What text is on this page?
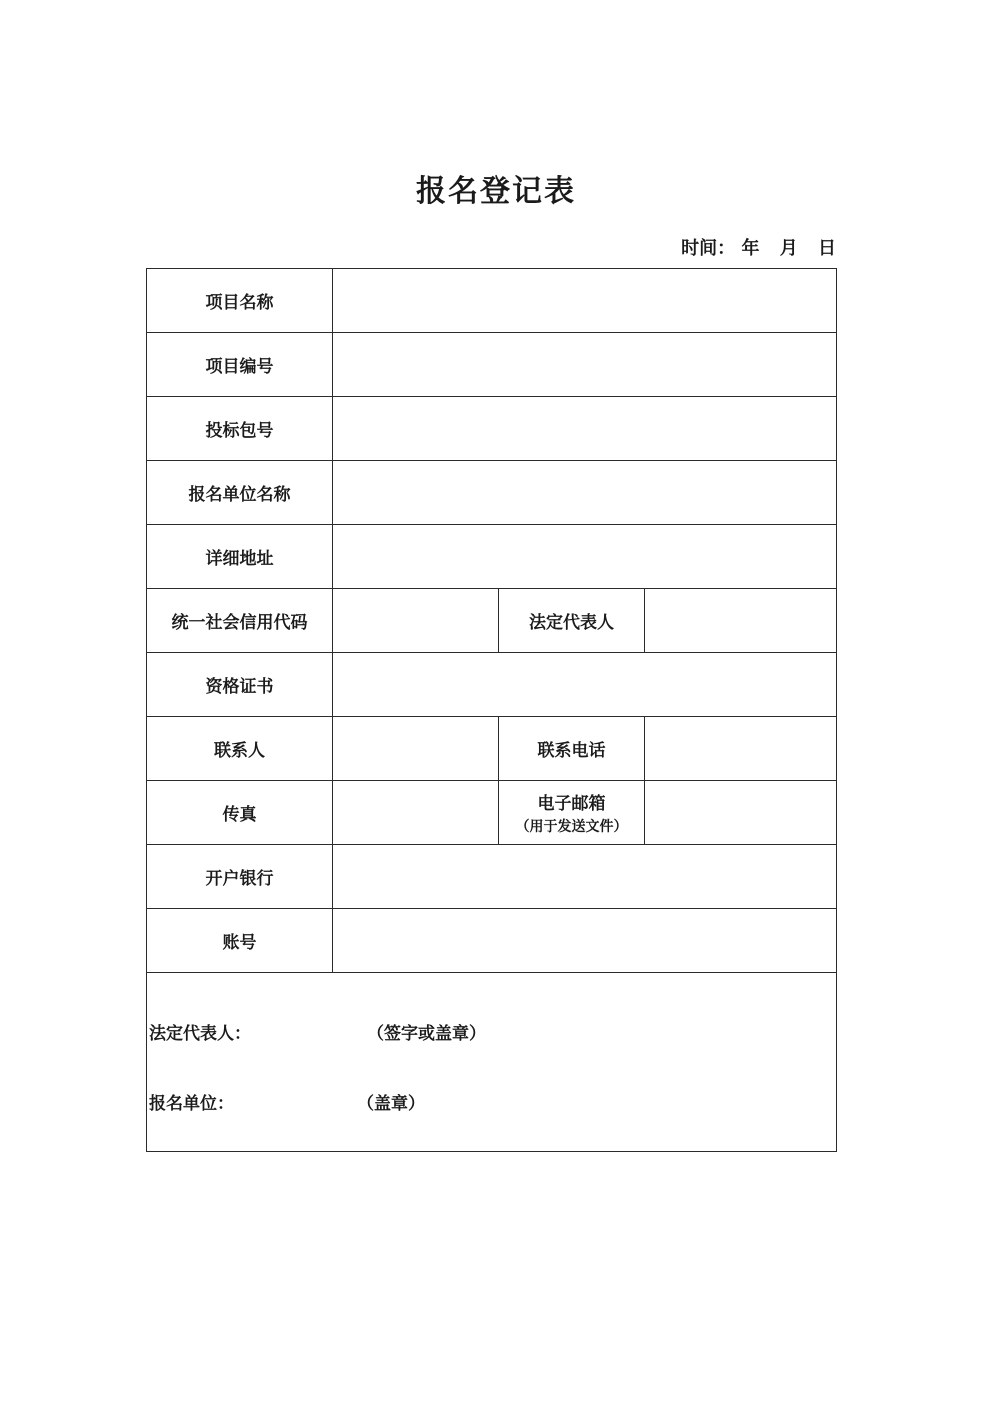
报名登记表
时间： 年 月 日
项目名称			
项目编号			
投标包号			
报名单位名称			
详细地址			
统一社会信用代码		法定代表人	
资格证书			
联系人		联系电话	
传真		电子邮箱
（用于发送文件）	

开户银行			
账号			

法定代表人： （签字或盖章）
报名单位： （盖章）			
